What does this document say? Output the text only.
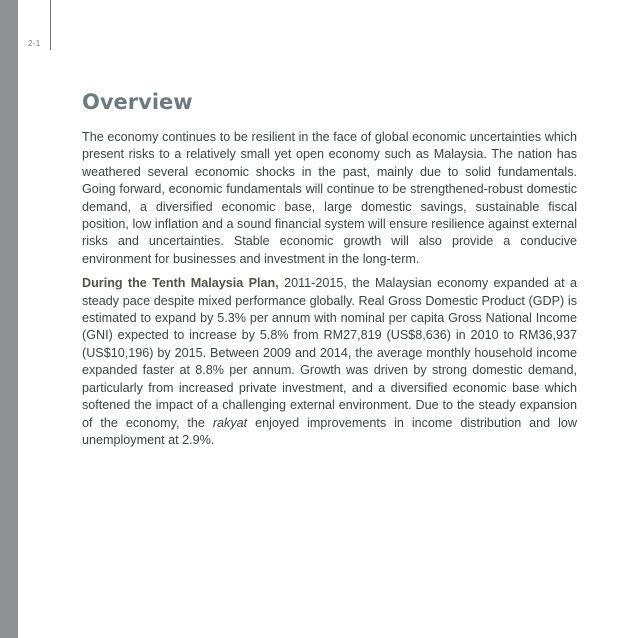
2-1
Overview

The economy continues to be resilient in the face of global economic uncertainties which present risks to a relatively small yet open economy such as Malaysia. The nation has weathered several economic shocks in the past, mainly due to solid fundamentals. Going forward, economic fundamentals will continue to be strengthened-robust domestic demand, a diversified economic base, large domestic savings, sustainable fiscal position, low inflation and a sound financial system will ensure resilience against external risks and uncertainties. Stable economic growth will also provide a conducive environment for businesses and investment in the long-term.

During the Tenth Malaysia Plan, 2011-2015, the Malaysian economy expanded at a steady pace despite mixed performance globally. Real Gross Domestic Product (GDP) is estimated to expand by 5.3% per annum with nominal per capita Gross National Income (GNI) expected to increase by 5.8% from RM27,819 (US$8,636) in 2010 to RM36,937 (US$10,196) by 2015. Between 2009 and 2014, the average monthly household income expanded faster at 8.8% per annum. Growth was driven by strong domestic demand, particularly from increased private investment, and a diversified economic base which softened the impact of a challenging external environment. Due to the steady expansion of the economy, the rakyat enjoyed improvements in income distribution and low unemployment at 2.9%.
